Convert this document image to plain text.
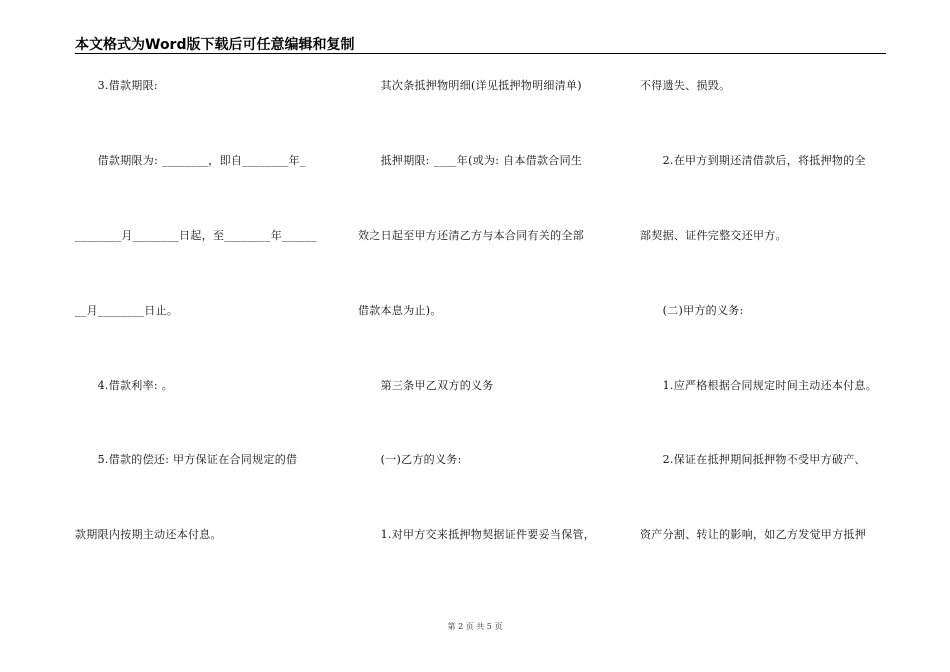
本文格式为Word版下载后可任意编辑和复制
　　3.借款期限:
　　借款期限为: ________，即自________年_
________月________日起，至________年______
__月________日止。
　　4.借款利率: 。
　　5.借款的偿还: 甲方保证在合同规定的借
款期限内按期主动还本付息。
　　其次条抵押物明细(详见抵押物明细清单)
　　抵押期限: ____年(或为: 自本借款合同生
效之日起至甲方还清乙方与本合同有关的全部
借款本息为止)。
　　第三条甲乙双方的义务
　　(一)乙方的义务:
　　1.对甲方交来抵押物契据证件要妥当保管，
不得遗失、损毁。
　　2.在甲方到期还清借款后，将抵押物的全
部契据、证件完整交还甲方。
　　(二)甲方的义务:
　　1.应严格根据合同规定时间主动还本付息。
　　2.保证在抵押期间抵押物不受甲方破产、
资产分割、转让的影响，如乙方发觉甲方抵押
第 2 页 共 5 页
